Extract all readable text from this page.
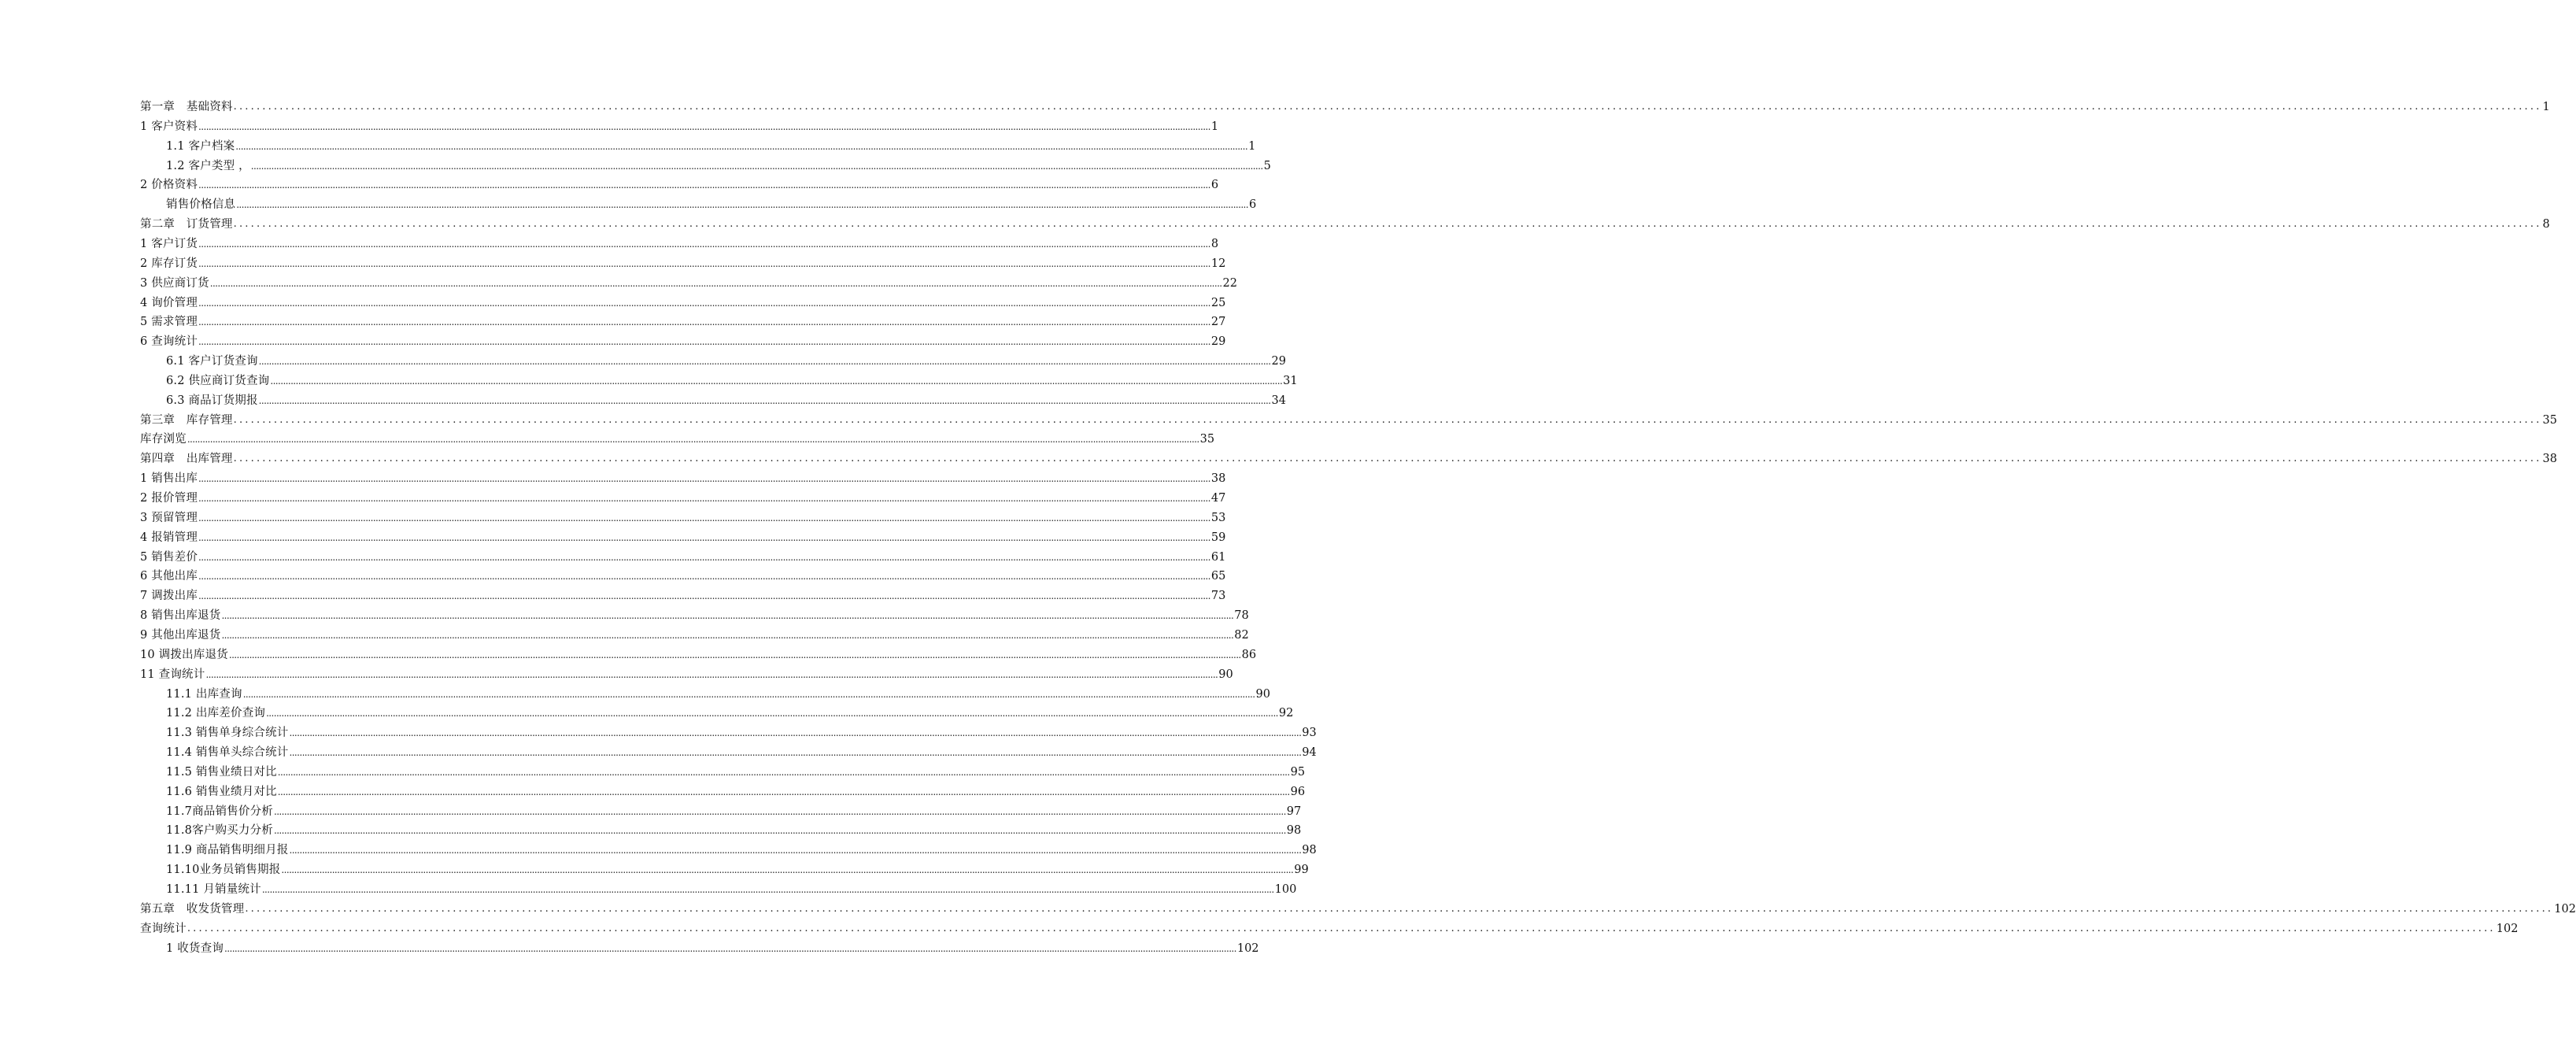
第一章　基础资料 ................................................................................................................................................................................................................................................................................................................................................................................................................ 1
1 客户资料 ................................................................................................................................................................................................................................................................................................................................................................................................................ 1
1.1 客户档案 ................................................................................................................................................................................................................................................................................................................................................................................................................ 1
1.2 客户类型 ， ................................................................................................................................................................................................................................................................................................................................................................................................................ 5
2 价格资料 ................................................................................................................................................................................................................................................................................................................................................................................................................ 6
销售价格信息 ................................................................................................................................................................................................................................................................................................................................................................................................................ 6
第二章　订货管理 ................................................................................................................................................................................................................................................................................................................................................................................................................ 8
1 客户订货 ................................................................................................................................................................................................................................................................................................................................................................................................................ 8
2 库存订货 ................................................................................................................................................................................................................................................................................................................................................................................................................ 12
3 供应商订货 ................................................................................................................................................................................................................................................................................................................................................................................................................ 22
4 询价管理 ................................................................................................................................................................................................................................................................................................................................................................................................................ 25
5 需求管理 ................................................................................................................................................................................................................................................................................................................................................................................................................ 27
6 查询统计 ................................................................................................................................................................................................................................................................................................................................................................................................................ 29
6.1 客户订货查询 ................................................................................................................................................................................................................................................................................................................................................................................................................ 29
6.2 供应商订货查询 ................................................................................................................................................................................................................................................................................................................................................................................................................ 31
6.3 商品订货期报 ................................................................................................................................................................................................................................................................................................................................................................................................................ 34
第三章　库存管理 ................................................................................................................................................................................................................................................................................................................................................................................................................ 35
库存浏览 ................................................................................................................................................................................................................................................................................................................................................................................................................ 35
第四章　出库管理 ................................................................................................................................................................................................................................................................................................................................................................................................................ 38
1 销售出库 ................................................................................................................................................................................................................................................................................................................................................................................................................ 38
2 报价管理 ................................................................................................................................................................................................................................................................................................................................................................................................................ 47
3 预留管理 ................................................................................................................................................................................................................................................................................................................................................................................................................ 53
4 报销管理 ................................................................................................................................................................................................................................................................................................................................................................................................................ 59
5 销售差价 ................................................................................................................................................................................................................................................................................................................................................................................................................ 61
6 其他出库 ................................................................................................................................................................................................................................................................................................................................................................................................................ 65
7 调拨出库 ................................................................................................................................................................................................................................................................................................................................................................................................................ 73
8 销售出库退货 ................................................................................................................................................................................................................................................................................................................................................................................................................ 78
9 其他出库退货 ................................................................................................................................................................................................................................................................................................................................................................................................................ 82
10 调拨出库退货 ................................................................................................................................................................................................................................................................................................................................................................................................................ 86
11 查询统计 ................................................................................................................................................................................................................................................................................................................................................................................................................ 90
11.1 出库查询 ................................................................................................................................................................................................................................................................................................................................................................................................................ 90
11.2 出库差价查询 ................................................................................................................................................................................................................................................................................................................................................................................................................ 92
11.3 销售单身综合统计 ................................................................................................................................................................................................................................................................................................................................................................................................................ 93
11.4 销售单头综合统计 ................................................................................................................................................................................................................................................................................................................................................................................................................ 94
11.5 销售业绩日对比 ................................................................................................................................................................................................................................................................................................................................................................................................................ 95
11.6 销售业绩月对比 ................................................................................................................................................................................................................................................................................................................................................................................................................ 96
11.7商品销售价分析 ................................................................................................................................................................................................................................................................................................................................................................................................................ 97
11.8客户购买力分析 ................................................................................................................................................................................................................................................................................................................................................................................................................ 98
11.9 商品销售明细月报 ................................................................................................................................................................................................................................................................................................................................................................................................................ 98
11.10业务员销售期报 ................................................................................................................................................................................................................................................................................................................................................................................................................ 99
11.11 月销量统计 ................................................................................................................................................................................................................................................................................................................................................................................................................ 100
第五章　收发货管理 ................................................................................................................................................................................................................................................................................................................................................................................................................ 102
查询统计 ................................................................................................................................................................................................................................................................................................................................................................................................................ 102
1 收货查询 ................................................................................................................................................................................................................................................................................................................................................................................................................ 102
